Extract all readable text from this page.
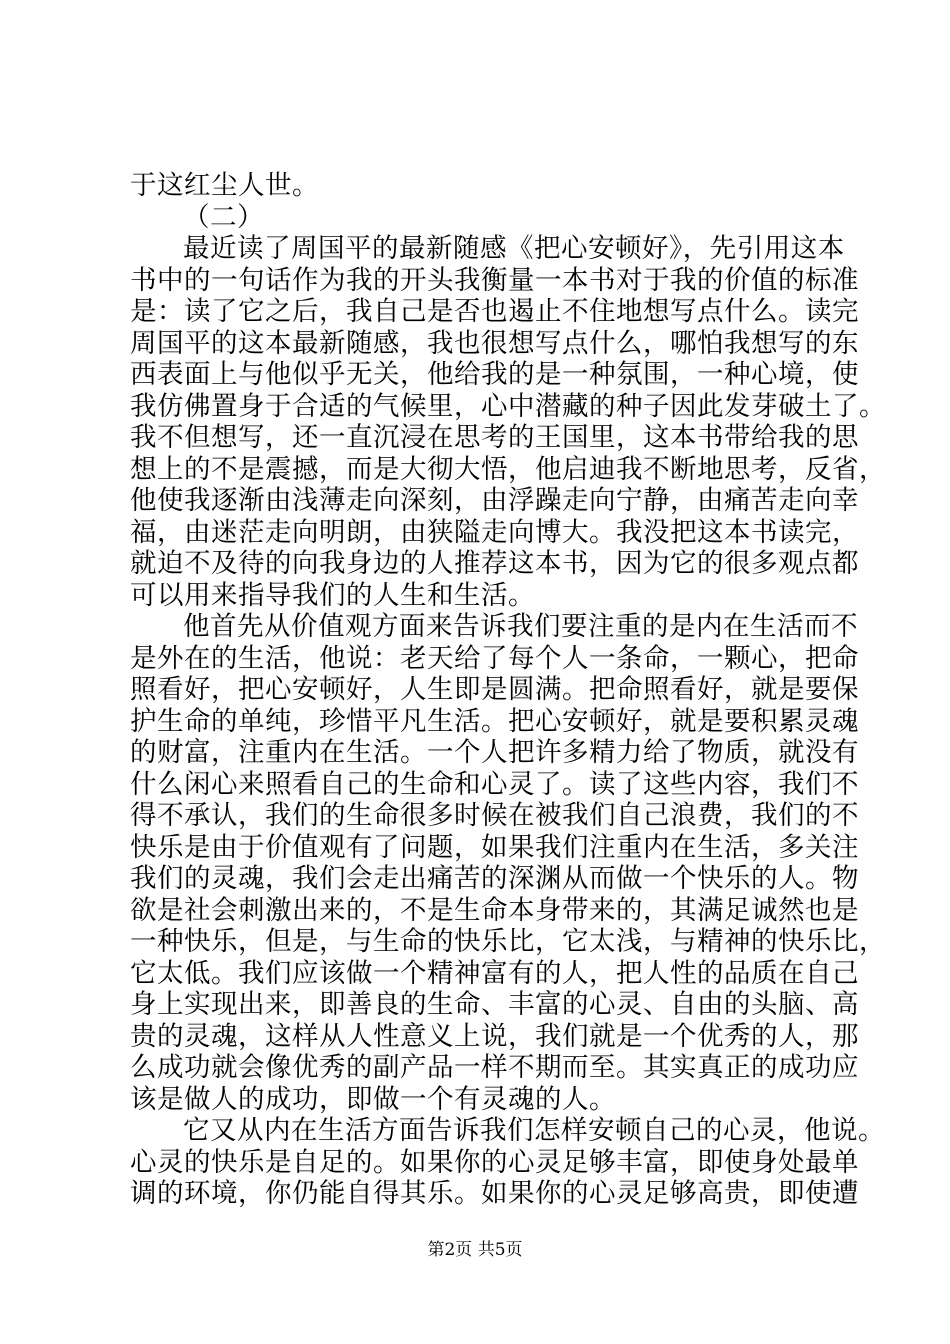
于这红尘人世。
（二）
最近读了周国平的最新随感《把心安顿好》，先引用这本
书中的一句话作为我的开头我衡量一本书对于我的价值的标准
是：读了它之后，我自己是否也遏止不住地想写点什么。读完
周国平的这本最新随感，我也很想写点什么，哪怕我想写的东
西表面上与他似乎无关，他给我的是一种氛围，一种心境，使
我仿佛置身于合适的气候里，心中潜藏的种子因此发芽破土了。
我不但想写，还一直沉浸在思考的王国里，这本书带给我的思
想上的不是震撼，而是大彻大悟，他启迪我不断地思考，反省，
他使我逐渐由浅薄走向深刻，由浮躁走向宁静，由痛苦走向幸
福，由迷茫走向明朗，由狭隘走向博大。我没把这本书读完，
就迫不及待的向我身边的人推荐这本书，因为它的很多观点都
可以用来指导我们的人生和生活。
他首先从价值观方面来告诉我们要注重的是内在生活而不
是外在的生活，他说：老天给了每个人一条命，一颗心，把命
照看好，把心安顿好，人生即是圆满。把命照看好，就是要保
护生命的单纯，珍惜平凡生活。把心安顿好，就是要积累灵魂
的财富，注重内在生活。一个人把许多精力给了物质，就没有
什么闲心来照看自己的生命和心灵了。读了这些内容，我们不
得不承认，我们的生命很多时候在被我们自己浪费，我们的不
快乐是由于价值观有了问题，如果我们注重内在生活，多关注
我们的灵魂，我们会走出痛苦的深渊从而做一个快乐的人。物
欲是社会刺激出来的，不是生命本身带来的，其满足诚然也是
一种快乐，但是，与生命的快乐比，它太浅，与精神的快乐比，
它太低。我们应该做一个精神富有的人，把人性的品质在自己
身上实现出来，即善良的生命、丰富的心灵、自由的头脑、高
贵的灵魂，这样从人性意义上说，我们就是一个优秀的人，那
么成功就会像优秀的副产品一样不期而至。其实真正的成功应
该是做人的成功，即做一个有灵魂的人。
它又从内在生活方面告诉我们怎样安顿自己的心灵，他说。
心灵的快乐是自足的。如果你的心灵足够丰富，即使身处最单
调的环境，你仍能自得其乐。如果你的心灵足够高贵，即使遭
第2页 共5页
